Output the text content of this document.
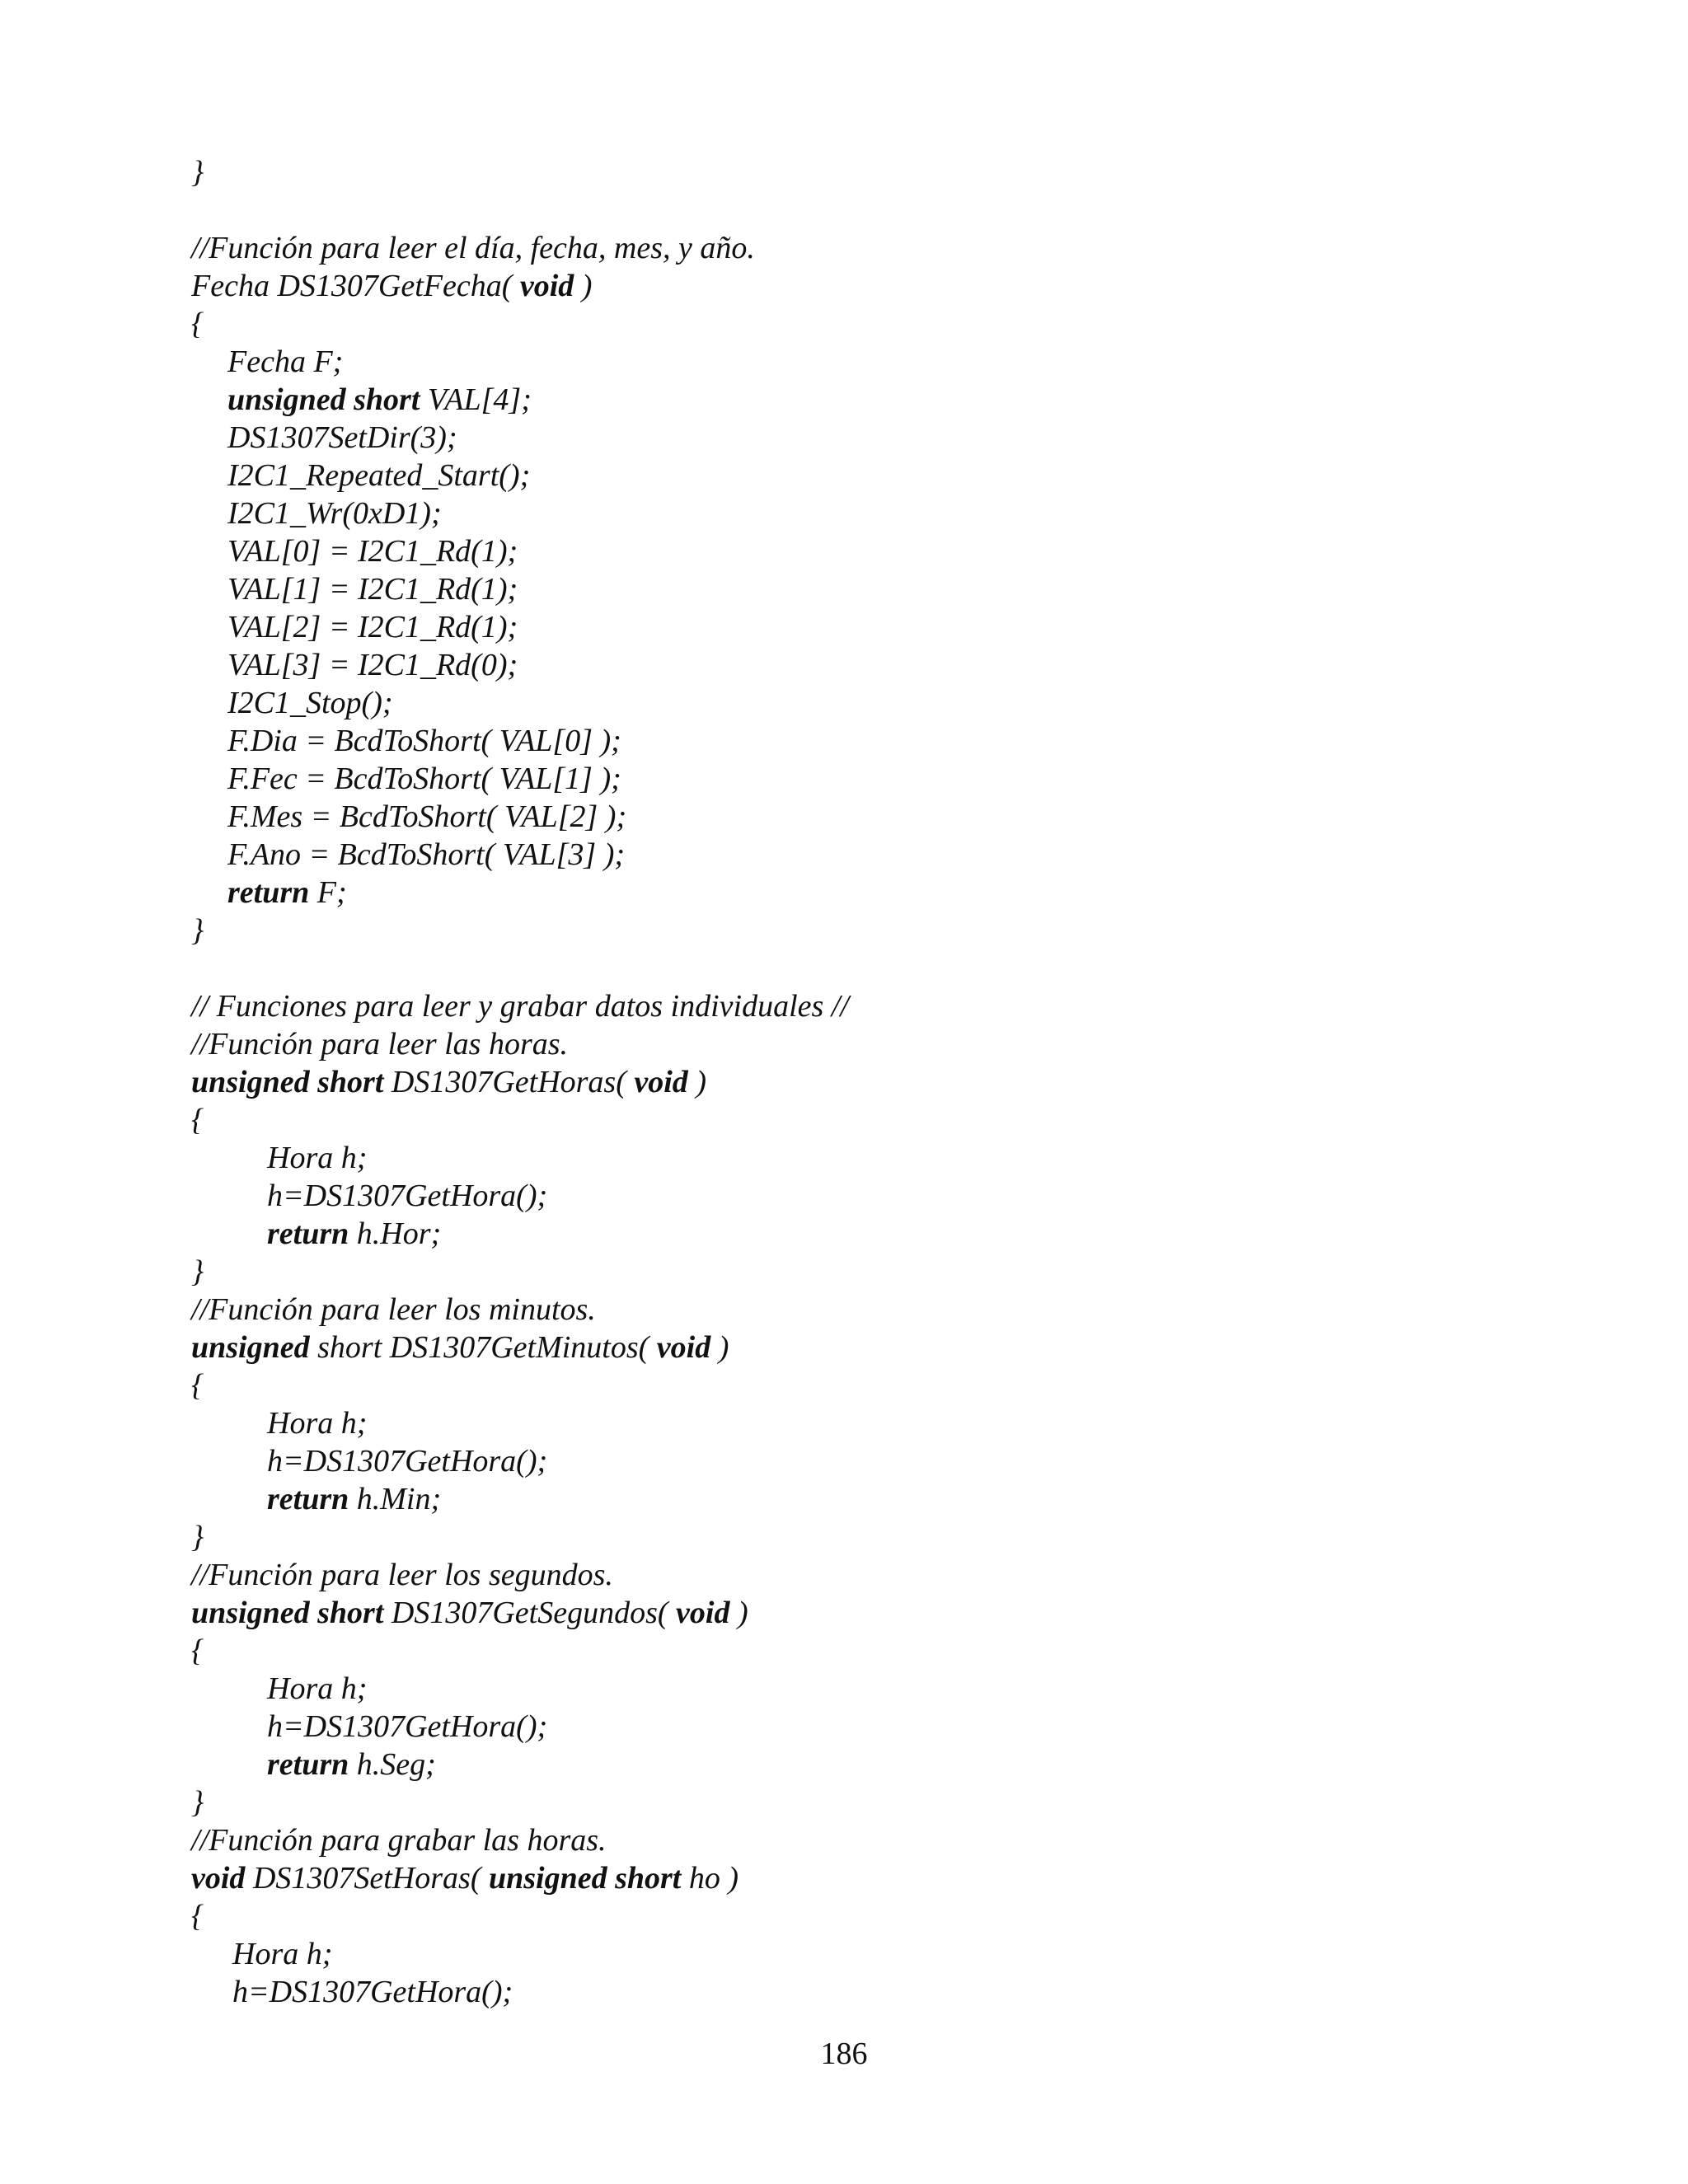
}
//Función para leer el día, fecha, mes, y año.
Fecha DS1307GetFecha( void )
{
Fecha F;
unsigned short VAL[4];
DS1307SetDir(3);
I2C1_Repeated_Start();
I2C1_Wr(0xD1);
VAL[0] = I2C1_Rd(1);
VAL[1] = I2C1_Rd(1);
VAL[2] = I2C1_Rd(1);
VAL[3] = I2C1_Rd(0);
I2C1_Stop();
F.Dia = BcdToShort( VAL[0] );
F.Fec = BcdToShort( VAL[1] );
F.Mes = BcdToShort( VAL[2] );
F.Ano = BcdToShort( VAL[3] );
return F;
}
// Funciones para leer y grabar datos individuales //
//Función para leer las horas.
unsigned short DS1307GetHoras( void )
{
Hora h;
h=DS1307GetHora();
return h.Hor;
}
//Función para leer los minutos.
unsigned short DS1307GetMinutos( void )
{
Hora h;
h=DS1307GetHora();
return h.Min;
}
//Función para leer los segundos.
unsigned short DS1307GetSegundos( void )
{
Hora h;
h=DS1307GetHora();
return h.Seg;
}
//Función para grabar las horas.
void DS1307SetHoras( unsigned short ho )
{
Hora h;
h=DS1307GetHora();
186
